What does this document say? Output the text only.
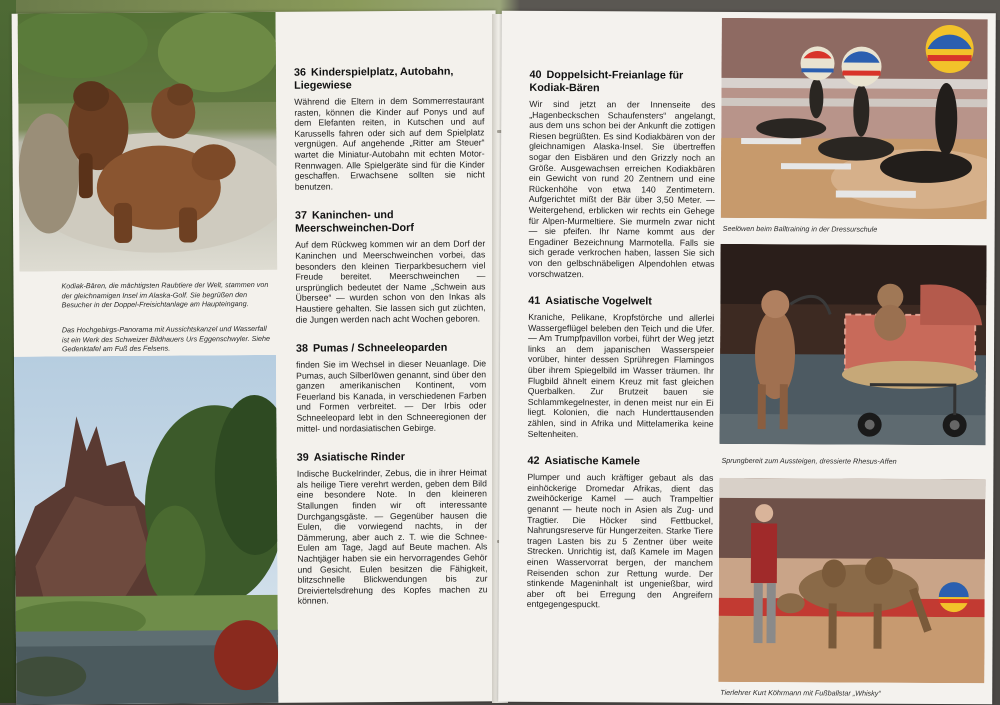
Kodiak-Bären, die mächtigsten Raubtiere der Welt, stammen von der gleichnamigen Insel im Alaska-Golf. Sie begrüßen den Besucher in der Doppel-Freisichtanlage am Haupteingang.
Das Hochgebirgs-Panorama mit Aussichtskanzel und Wasserfall ist ein Werk des Schweizer Bildhauers Urs Eggenschwyler. Siehe Gedenktafel am Fuß des Felsens.
36 Kinderspielplatz, Autobahn, Liegewiese

Während die Eltern in dem Sommerrestaurant rasten, können die Kinder auf Ponys und auf dem Elefanten reiten, in Kutschen und auf Karussells fahren oder sich auf dem Spielplatz vergnügen. Auf angehende „Ritter am Steuer“ wartet die Miniatur-Autobahn mit echten Motor-Rennwagen. Alle Spielgeräte sind für die Kinder geschaffen. Erwachsene sollten sie nicht benutzen.

37 Kaninchen- und Meerschweinchen-Dorf

Auf dem Rückweg kommen wir an dem Dorf der Kaninchen und Meerschweinchen vorbei, das besonders den kleinen Tierparkbesuchern viel Freude bereitet. Meerschweinchen — ursprünglich bedeutet der Name „Schwein aus Übersee“ — wurden schon von den Inkas als Haustiere gehalten. Sie lassen sich gut züchten, die Jungen werden nach acht Wochen geboren.

38 Pumas / Schneeleoparden

finden Sie im Wechsel in dieser Neuanlage. Die Pumas, auch Silberlöwen genannt, sind über den ganzen amerikanischen Kontinent, vom Feuerland bis Kanada, in verschiedenen Farben und Formen verbreitet. — Der Irbis oder Schneeleopard lebt in den Schneeregionen der mittel- und nordasiatischen Gebirge.

39 Asiatische Rinder

Indische Buckelrinder, Zebus, die in ihrer Heimat als heilige Tiere verehrt werden, geben dem Bild eine besondere Note. In den kleineren Stallungen finden wir oft interessante Durchgangsgäste. — Gegenüber hausen die Eulen, die vorwiegend nachts, in der Dämmerung, aber auch z. T. wie die Schnee-Eulen am Tage, Jagd auf Beute machen. Als Nachtjäger haben sie ein hervorragendes Gehör und Gesicht. Eulen besitzen die Fähigkeit, blitzschnelle Blickwendungen bis zur Dreiviertelsdrehung des Kopfes machen zu können.

40 Doppelsicht-Freianlage für Kodiak-Bären

Wir sind jetzt an der Innenseite des „Hagenbeckschen Schaufensters“ angelangt, aus dem uns schon bei der Ankunft die zottigen Riesen begrüßten. Es sind Kodiakbären von der gleichnamigen Alaska-Insel. Sie übertreffen sogar den Eisbären und den Grizzly noch an Größe. Ausgewachsen erreichen Kodiakbären ein Gewicht von rund 20 Zentnern und eine Rückenhöhe von etwa 140 Zentimetern. Aufgerichtet mißt der Bär über 3,50 Meter. — Weitergehend, erblicken wir rechts ein Gehege für Alpen-Murmeltiere. Sie murmeln zwar nicht — sie pfeifen. Ihr Name kommt aus der Engadiner Bezeichnung Marmotella. Falls sie sich gerade verkrochen haben, lassen Sie sich von den gelbschnäbeligen Alpendohlen etwas vorschwatzen.

41 Asiatische Vogelwelt

Kraniche, Pelikane, Kropfstörche und allerlei Wassergeflügel beleben den Teich und die Ufer. — Am Trumpfpavillon vorbei, führt der Weg jetzt links an dem japanischen Wasserspeier vorüber, hinter dessen Sprühregen Flamingos über ihrem Spiegelbild im Wasser träumen. Ihr Flugbild ähnelt einem Kreuz mit fast gleichen Querbalken. Zur Brutzeit bauen sie Schlammkegelnester, in denen meist nur ein Ei liegt. Kolonien, die nach Hunderttausenden zählen, sind in Afrika und Mittelamerika keine Seltenheiten.

42 Asiatische Kamele

Plumper und auch kräftiger gebaut als das einhöckerige Dromedar Afrikas, dient das zweihöckerige Kamel — auch Trampeltier genannt — heute noch in Asien als Zug- und Tragtier. Die Höcker sind Fettbuckel, Nahrungsreserve für Hungerzeiten. Starke Tiere tragen Lasten bis zu 5 Zentner über weite Strecken. Unrichtig ist, daß Kamele im Magen einen Wasservorrat bergen, der manchem Reisenden schon zur Rettung wurde. Der stinkende Mageninhalt ist ungenießbar, wird aber oft bei Erregung den Angreifern entgegengespuckt.

Seelöwen beim Balltraining in der Dressurschule
Sprungbereit zum Aussteigen, dressierte Rhesus-Affen
Tierlehrer Kurt Köhrmann mit Fußballstar „Whisky“
